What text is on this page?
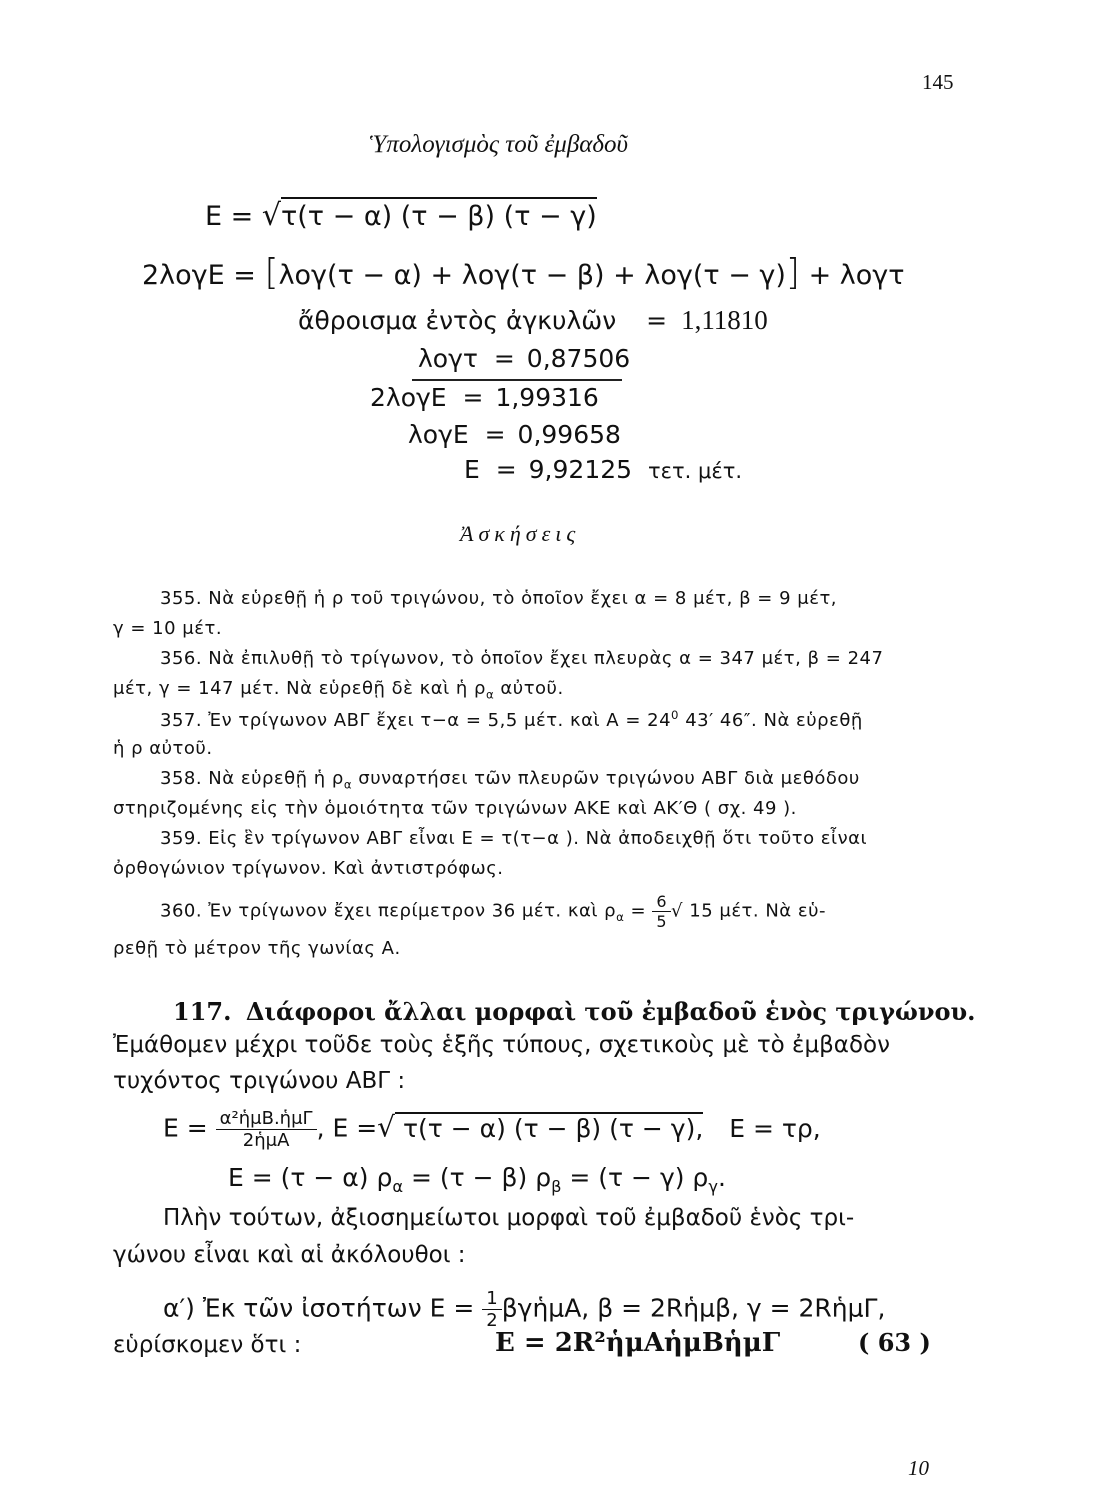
145
Ὑπολογισμὸς τοῦ ἐμβαδοῦ
E = √τ(τ − α) (τ − β) (τ − γ)
2λογE = [λογ(τ − α) + λογ(τ − β) + λογ(τ − γ)] + λογτ
ἄθροισμα ἐντὸς ἀγκυλῶν = 1,11810
λογτ = 0,87506
2λογE = 1,99316
λογE = 0,99658
E = 9,92125 τετ. μέτ.
Ἀσκήσεις
355. Νὰ εὑρεθῇ ἡ ρ τοῦ τριγώνου, τὸ ὁποῖον ἔχει α = 8 μέτ, β = 9 μέτ,
γ = 10 μέτ.
356. Νὰ ἐπιλυθῇ τὸ τρίγωνον, τὸ ὁποῖον ἔχει πλευρὰς α = 347 μέτ, β = 247
μέτ, γ = 147 μέτ. Νὰ εὑρεθῇ δὲ καὶ ἡ $\rho_\alpha$ αὐτοῦ.
357. Ἐν τρίγωνον ΑΒΓ ἔχει τ−α = 5,5 μέτ. καὶ $A = 24^0$ 43′ 46″. Νὰ εὑρεθῇ
ἡ ρ αὐτοῦ.
358. Νὰ εὑρεθῇ ἡ $\rho_\alpha$ συναρτήσει τῶν πλευρῶν τριγώνου ΑΒΓ διὰ μεθόδου
στηριζομένης εἰς τὴν ὁμοιότητα τῶν τριγώνων ΑΚΕ καὶ ΑΚ′Θ ( σχ. 49 ).
359. Εἰς ἓν τρίγωνον ΑΒΓ εἶναι Ε = τ(τ−α ). Νὰ ἀποδειχθῇ ὅτι τοῦτο εἶναι
ὀρθογώνιον τρίγωνον. Καὶ ἀντιστρόφως.
360. Ἐν τρίγωνον ἔχει περίμετρον 36 μέτ. καὶ $\rho_\alpha = \frac{6}{5}$ √ 15 μέτ. Νὰ εὑ-
ρεθῇ τὸ μέτρον τῆς γωνίας Α.
117. Διάφοροι ἄλλαι μορφαὶ τοῦ ἐμβαδοῦ ἑνὸς τριγώνου.
Ἐμάθομεν μέχρι τοῦδε τοὺς ἑξῆς τύπους, σχετικοὺς μὲ τὸ ἐμβαδὸν
τυχόντος τριγώνου ΑΒΓ :
$E = \frac{\text{α²ἡμΒ.ἡμΓ}}{\text{2ἡμΑ}}$ , E =√ τ(τ − α) (τ − β) (τ − γ), E = τρ,
E = (τ − α) $\rho_\alpha = (\tau - \beta) \rho_\beta = (\tau - \gamma)$ $\rho_\gamma$.
Πλὴν τούτων, ἀξιοσημείωτοι μορφαὶ τοῦ ἐμβαδοῦ ἑνὸς τρι-
γώνου εἶναι καὶ αἱ ἀκόλουθοι :
α′) Ἐκ τῶν ἰσοτήτων $E = \frac{1}{2}$ βγἡμΑ, β = 2Rἡμβ, γ = 2RἡμΓ,
εὑρίσκομεν ὅτι :	E = 2R²ἡμΑἡμΒἡμΓ	( 63 )
10
